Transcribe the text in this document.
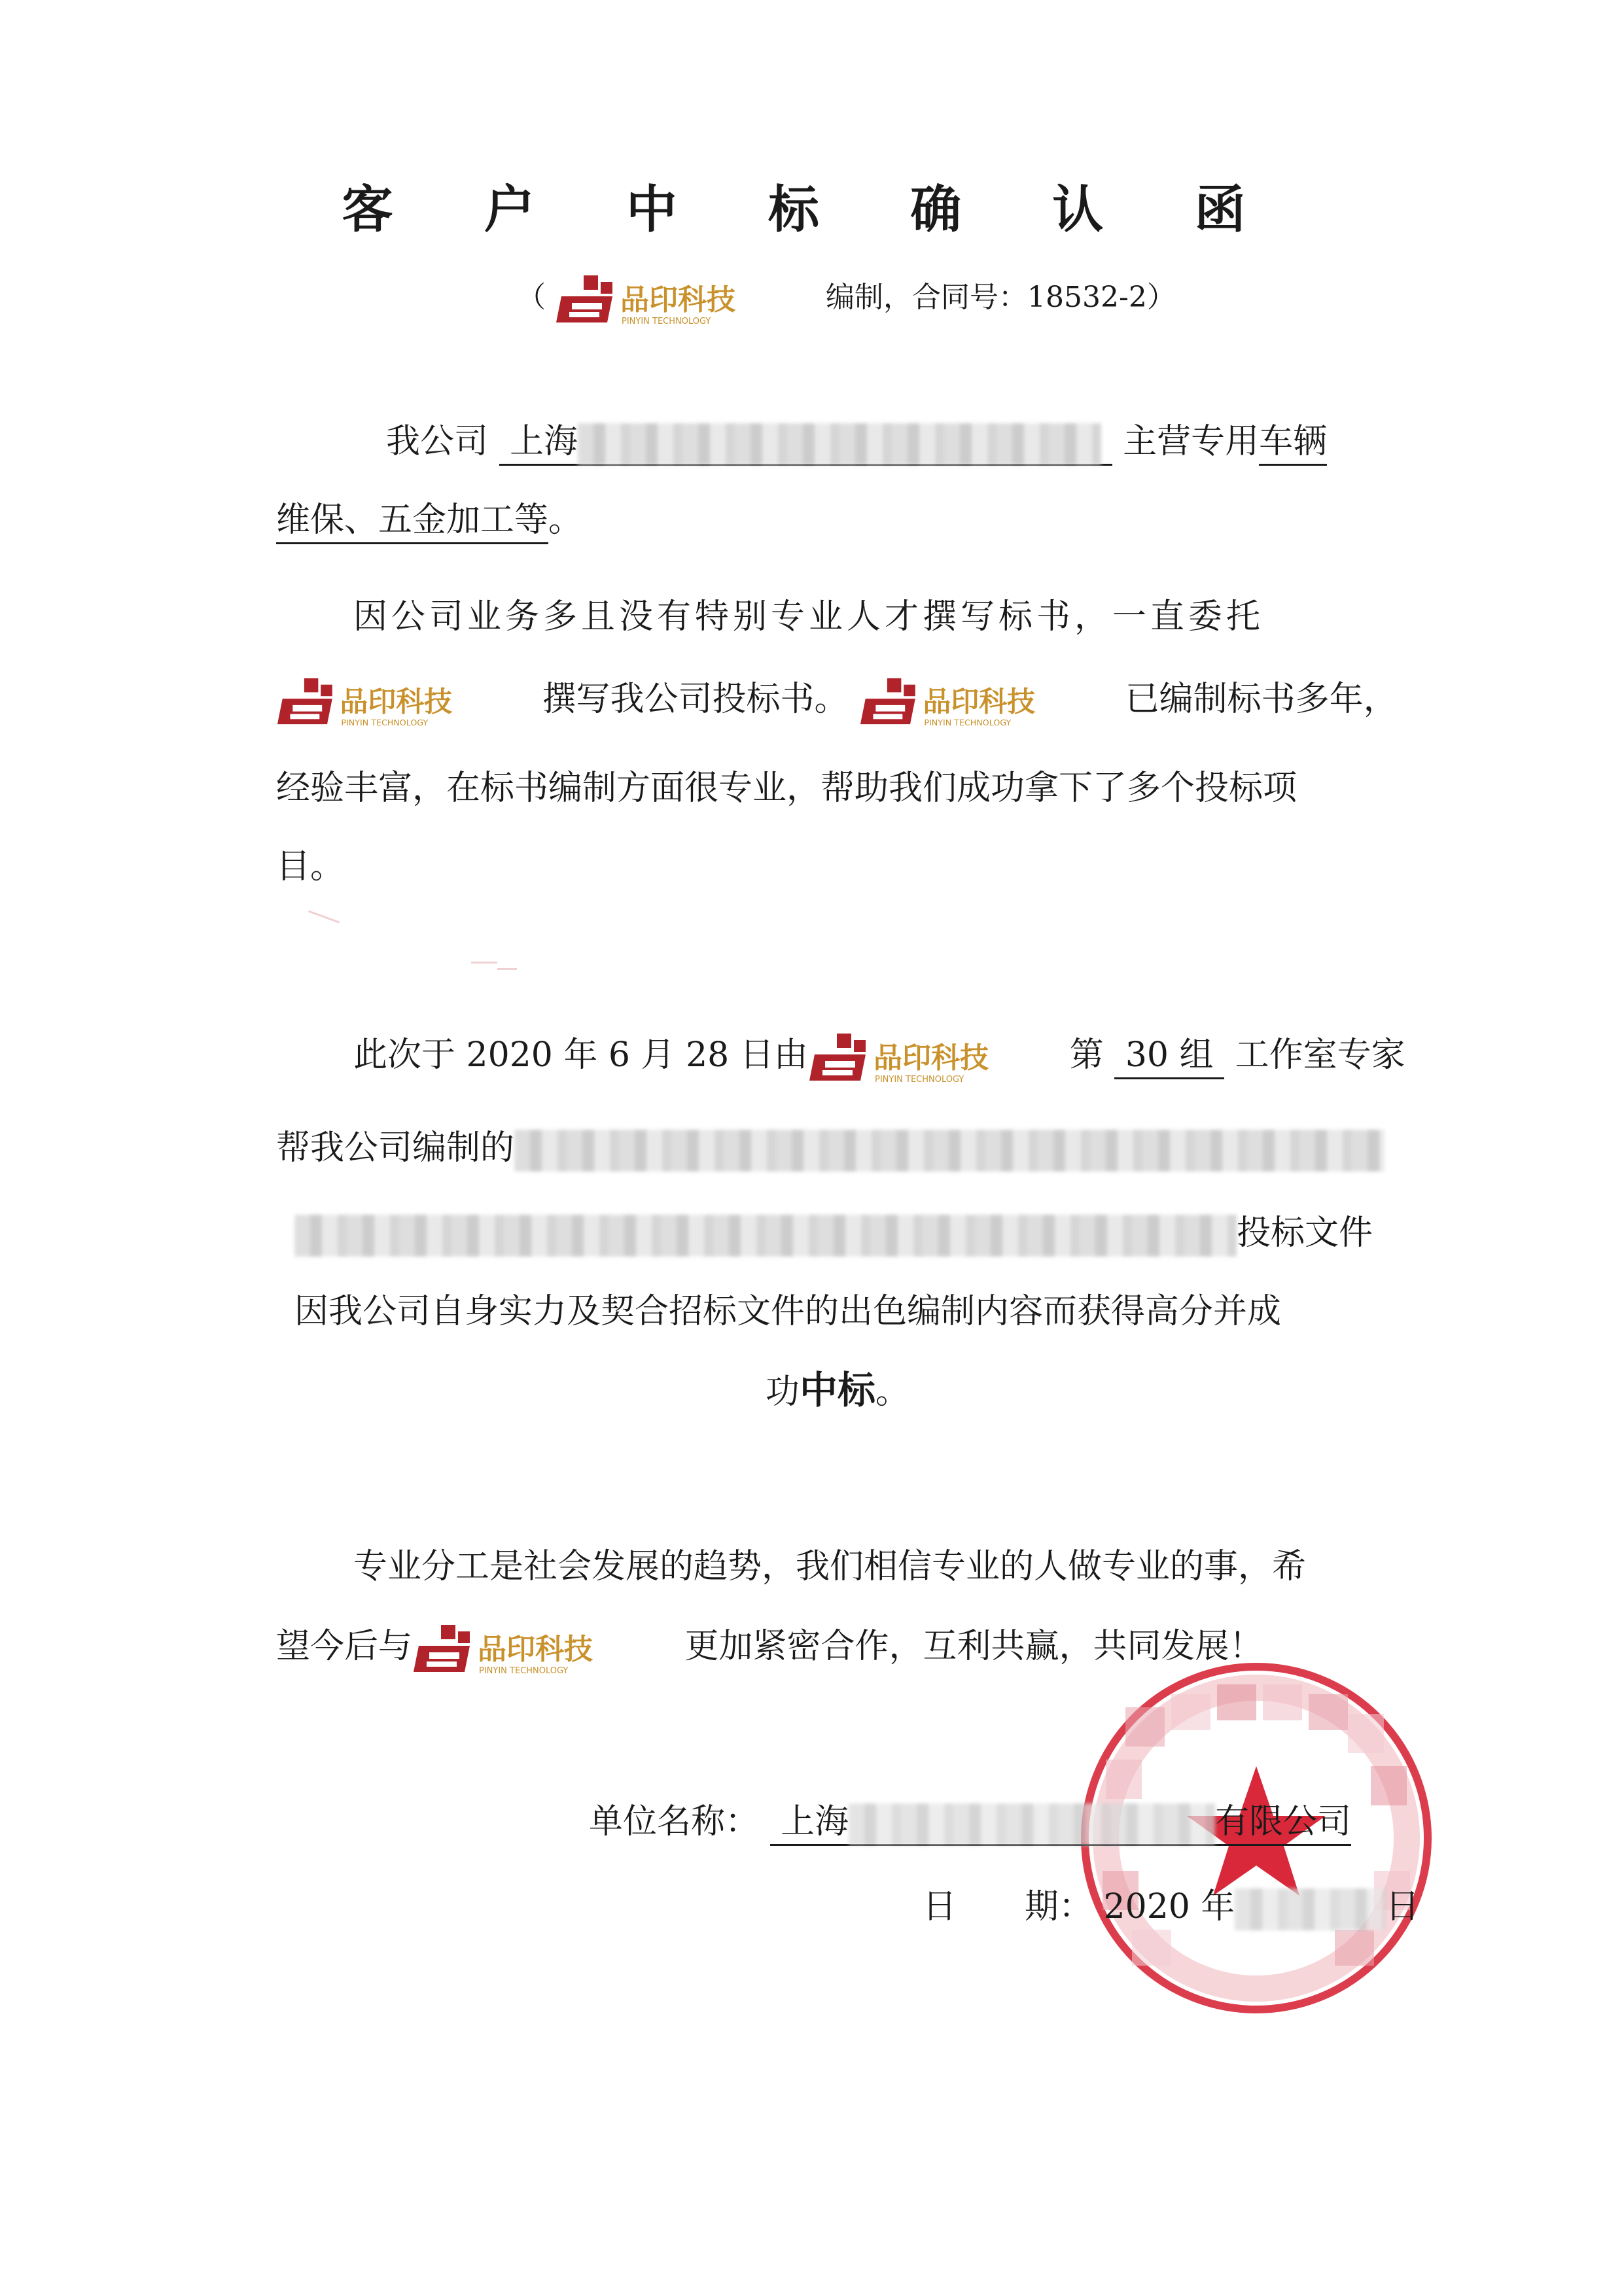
客 户 中 标 确 认 函
（	品印科技
PINYIN TECHNOLOGY
编制，合同号：18532-2）
我公司 上海	主营专用车辆
维保、五金加工等。
因公司业务多且没有特别专业人才撰写标书，一直委托
品印科技
PINYIN TECHNOLOGY
撰写我公司投标书。	品印科技
PINYIN TECHNOLOGY
已编制标书多年，
经验丰富，在标书编制方面很专业，帮助我们成功拿下了多个投标项
目。
此次于 2020 年 6 月 28 日由 品印科技
PINYIN TECHNOLOGY
第 30 组 工作室专家
帮我公司编制的
投标文件
因我公司自身实力及契合招标文件的出色编制内容而获得高分并成
功中标。
专业分工是社会发展的趋势，我们相信专业的人做专业的事，希
望今后与 品印科技
PINYIN TECHNOLOGY
更加紧密合作，互利共赢，共同发展！
单位名称： 上海	有限公司
日　　期： 2020 年	日
